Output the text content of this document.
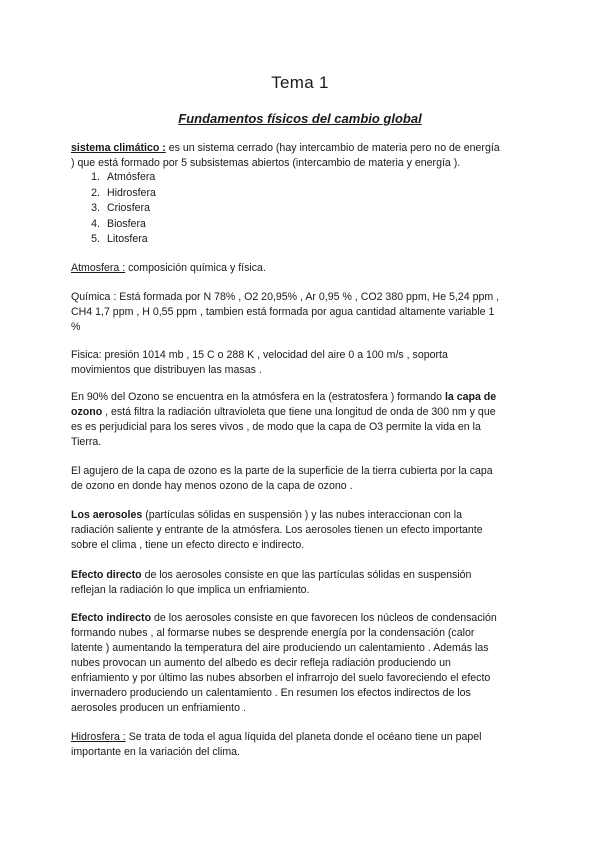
Tema 1
Fundamentos físicos del cambio global
sistema climático : es un sistema cerrado (hay intercambio de materia pero no de energía
) que está formado por 5 subsistemas abiertos (intercambio de materia y energía ).
1. Atmósfera
2. Hidrosfera
3. Criosfera
4. Biosfera
5. Litosfera
Atmosfera : composición química y física.
Química : Está formada por N 78% , O2 20,95% , Ar 0,95 % , CO2 380 ppm, He 5,24 ppm ,
CH4 1,7 ppm , H 0,55 ppm , tambien está formada por agua cantidad altamente variable 1
%
Fisica: presión 1014 mb , 15 C o 288 K , velocidad del aire 0 a 100 m/s , soporta
movimientos que distribuyen las masas .
En 90% del Ozono se encuentra en la atmósfera en la (estratosfera ) formando la capa de
ozono , está filtra la radiación ultravioleta que tiene una longitud de onda de 300 nm y que
es es perjudicial para los seres vivos , de modo que la capa de O3 permite la vida en la
Tierra.
El agujero de la capa de ozono es la parte de la superficie de la tierra cubierta por la capa
de ozono en donde hay menos ozono de la capa de ozono .
Los aerosoles (partículas sólidas en suspensión ) y las nubes interaccionan con la
radiación saliente y entrante de la atmósfera. Los aerosoles tienen un efecto importante
sobre el clima , tiene un efecto directo e indirecto.
Efecto directo de los aerosoles consiste en que las partículas sólidas en suspensión
reflejan la radiación lo que implica un enfriamiento.
Efecto indirecto de los aerosoles consiste en que favorecen los núcleos de condensación
formando nubes , al formarse nubes se desprende energía por la condensación (calor
latente ) aumentando la temperatura del aire produciendo un calentamiento . Además las
nubes provocan un aumento del albedo es decir refleja radiación produciendo un
enfriamiento y por último las nubes absorben el infrarrojo del suelo favoreciendo el efecto
invernadero produciendo un calentamiento . En resumen los efectos indirectos de los
aerosoles producen un enfriamiento .
Hidrosfera : Se trata de toda el agua líquida del planeta donde el océano tiene un papel
importante en la variación del clima.
